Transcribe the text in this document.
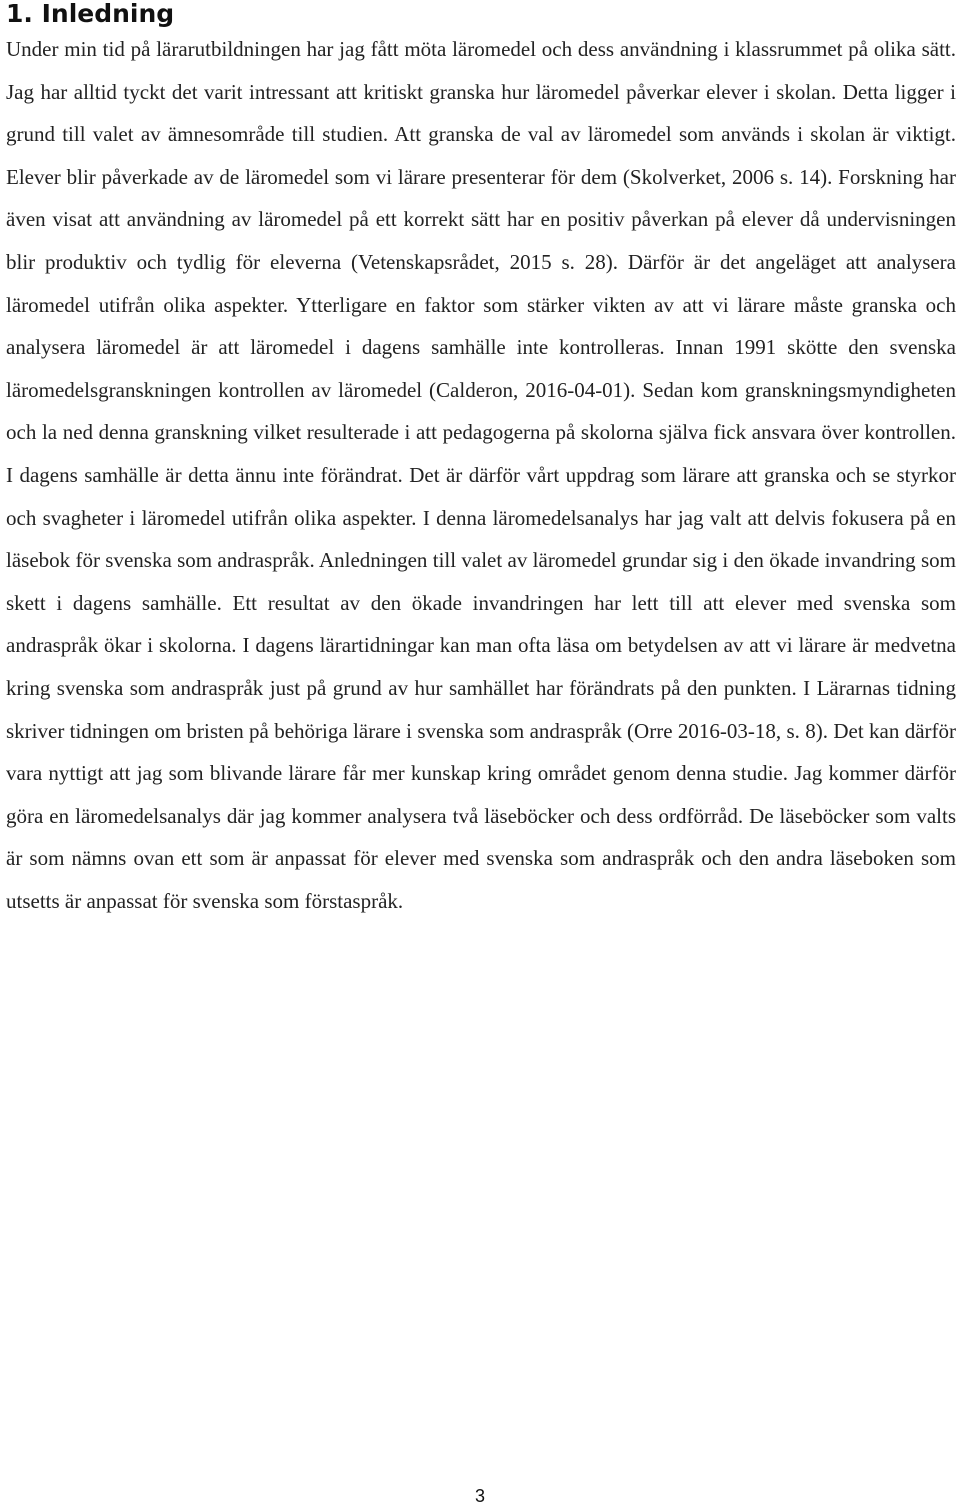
1. Inledning

Under min tid på lärarutbildningen har jag fått möta läromedel och dess användning i klassrummet på olika sätt. Jag har alltid tyckt det varit intressant att kritiskt granska hur läromedel påverkar elever i skolan. Detta ligger i grund till valet av ämnesområde till studien. Att granska de val av läromedel som används i skolan är viktigt. Elever blir påverkade av de läromedel som vi lärare presenterar för dem (Skolverket, 2006 s. 14). Forskning har även visat att användning av läromedel på ett korrekt sätt har en positiv påverkan på elever då undervisningen blir produktiv och tydlig för eleverna (Vetenskapsrådet, 2015 s. 28). Därför är det angeläget att analysera läromedel utifrån olika aspekter. Ytterligare en faktor som stärker vikten av att vi lärare måste granska och analysera läromedel är att läromedel i dagens samhälle inte kontrolleras. Innan 1991 skötte den svenska läromedelsgranskningen kontrollen av läromedel (Calderon, 2016-04-01). Sedan kom granskningsmyndigheten och la ned denna granskning vilket resulterade i att pedagogerna på skolorna själva fick ansvara över kontrollen. I dagens samhälle är detta ännu inte förändrat. Det är därför vårt uppdrag som lärare att granska och se styrkor och svagheter i läromedel utifrån olika aspekter. I denna läromedelsanalys har jag valt att delvis fokusera på en läsebok för svenska som andraspråk. Anledningen till valet av läromedel grundar sig i den ökade invandring som skett i dagens samhälle. Ett resultat av den ökade invandringen har lett till att elever med svenska som andraspråk ökar i skolorna. I dagens lärartidningar kan man ofta läsa om betydelsen av att vi lärare är medvetna kring svenska som andraspråk just på grund av hur samhället har förändrats på den punkten. I Lärarnas tidning skriver tidningen om bristen på behöriga lärare i svenska som andraspråk (Orre 2016-03-18, s. 8). Det kan därför vara nyttigt att jag som blivande lärare får mer kunskap kring området genom denna studie. Jag kommer därför göra en läromedelsanalys där jag kommer analysera två läseböcker och dess ordförråd. De läseböcker som valts är som nämns ovan ett som är anpassat för elever med svenska som andraspråk och den andra läseboken som utsetts är anpassat för svenska som förstaspråk.

3
